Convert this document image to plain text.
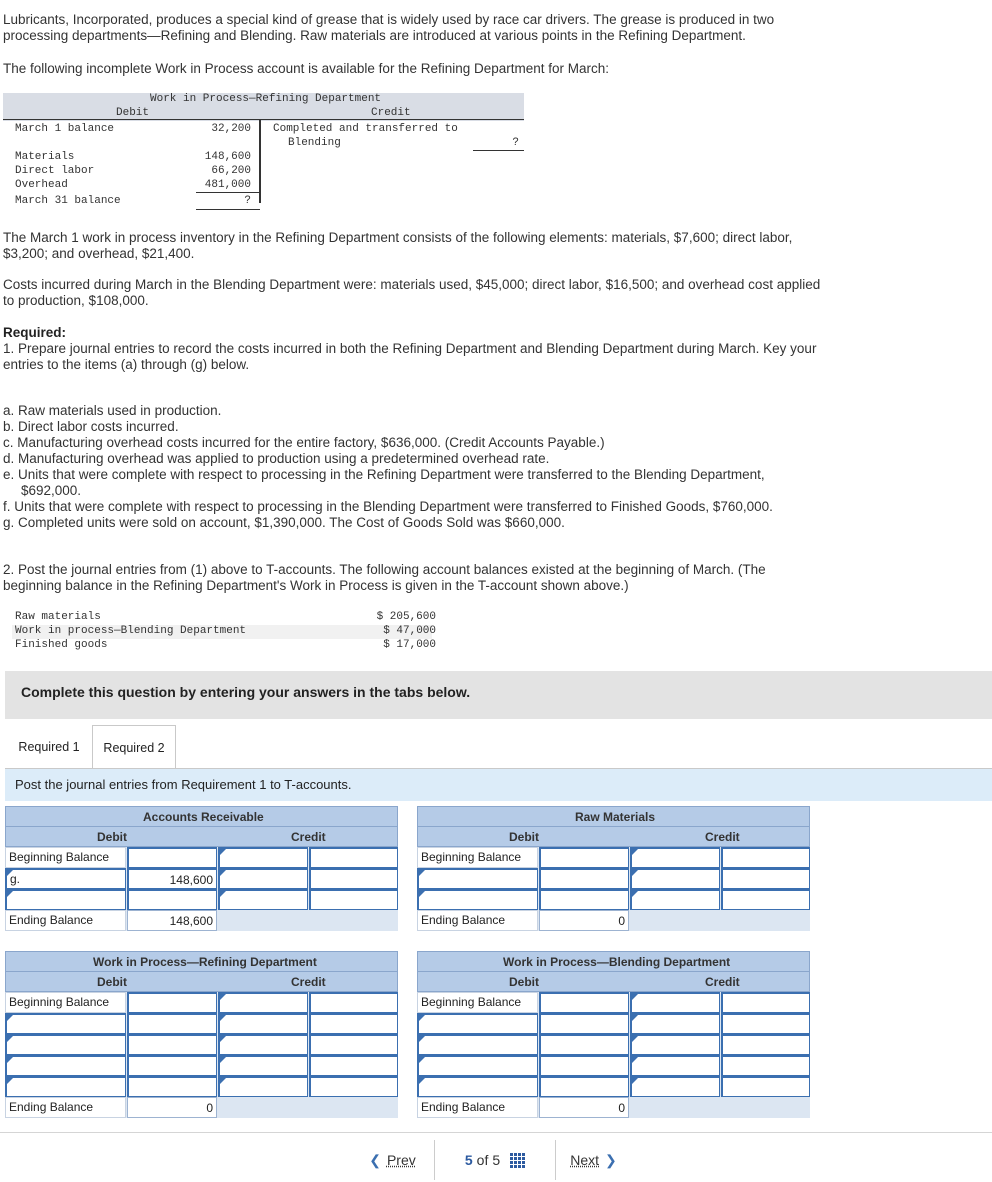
Lubricants, Incorporated, produces a special kind of grease that is widely used by race car drivers. The grease is produced in two processing departments—Refining and Blending. Raw materials are introduced at various points in the Refining Department.
The following incomplete Work in Process account is available for the Refining Department for March:
Work in Process—Refining Department
Debit	Credit
March 1 balance	32,200
Materials	148,600
Direct labor	66,200
Overhead	481,000
March 31 balance	?
Completed and transferred to
Blending	?
The March 1 work in process inventory in the Refining Department consists of the following elements: materials, $7,600; direct labor, $3,200; and overhead, $21,400.
Costs incurred during March in the Blending Department were: materials used, $45,000; direct labor, $16,500; and overhead cost applied to production, $108,000.
Required:
1. Prepare journal entries to record the costs incurred in both the Refining Department and Blending Department during March. Key your entries to the items (a) through (g) below.
a. Raw materials used in production.
b. Direct labor costs incurred.
c. Manufacturing overhead costs incurred for the entire factory, $636,000. (Credit Accounts Payable.)
d. Manufacturing overhead was applied to production using a predetermined overhead rate.
e. Units that were complete with respect to processing in the Refining Department were transferred to the Blending Department,
$692,000.
f. Units that were complete with respect to processing in the Blending Department were transferred to Finished Goods, $760,000.
g. Completed units were sold on account, $1,390,000. The Cost of Goods Sold was $660,000.
2. Post the journal entries from (1) above to T-accounts. The following account balances existed at the beginning of March. (The beginning balance in the Refining Department's Work in Process is given in the T-account shown above.)
Raw materials	$ 205,600
Work in process—Blending Department	$ 47,000
Finished goods	$ 17,000
Complete this question by entering your answers in the tabs below.
Required 1	Required 2
Post the journal entries from Requirement 1 to T-accounts.
Accounts Receivable
Debit	Credit
Beginning Balance
g.	148,600
Ending Balance	148,600
Raw Materials
Debit	Credit
Beginning Balance
Ending Balance	0
Work in Process—Refining Department
Debit	Credit
Beginning Balance
Ending Balance	0
Work in Process—Blending Department
Debit	Credit
Beginning Balance
Ending Balance	0
❮ Prev	5 of 5	Next ❯
